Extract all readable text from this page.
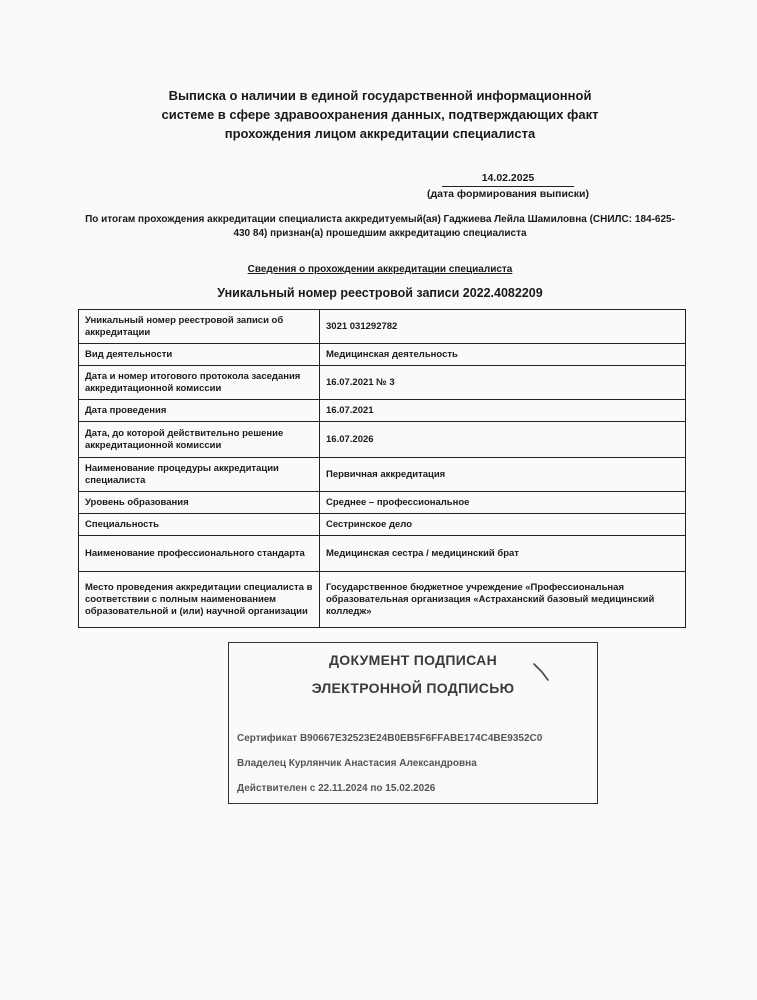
Выписка о наличии в единой государственной информационной
системе в сфере здравоохранения данных, подтверждающих факт
прохождения лицом аккредитации специалиста
14.02.2025
(дата формирования выписки)
По итогам прохождения аккредитации специалиста аккредитуемый(ая) Гаджиева Лейла Шамиловна (СНИЛС: 184-625-
430 84) признан(а) прошедшим аккредитацию специалиста
Сведения о прохождении аккредитации специалиста
Уникальный номер реестровой записи 2022.4082209
Уникальный номер реестровой записи об аккредитации	3021 031292782
Вид деятельности	Медицинская деятельность
Дата и номер итогового протокола заседания аккредитационной комиссии	16.07.2021 № 3
Дата проведения	16.07.2021
Дата, до которой действительно решение аккредитационной комиссии	16.07.2026
Наименование процедуры аккредитации специалиста	Первичная аккредитация
Уровень образования	Среднее – профессиональное
Специальность	Сестринское дело
Наименование профессионального стандарта	Медицинская сестра / медицинский брат
Место проведения аккредитации специалиста в соответствии с полным наименованием образовательной и (или) научной организации	Государственное бюджетное учреждение «Профессиональная образовательная организация «Астраханский базовый медицинский колледж»
ДОКУМЕНТ ПОДПИСАН
ЭЛЕКТРОННОЙ ПОДПИСЬЮ
Сертификат B90667E32523E24B0EB5F6FFABE174C4BE9352C0
Владелец Курлянчик Анастасия Александровна
Действителен с 22.11.2024 по 15.02.2026
